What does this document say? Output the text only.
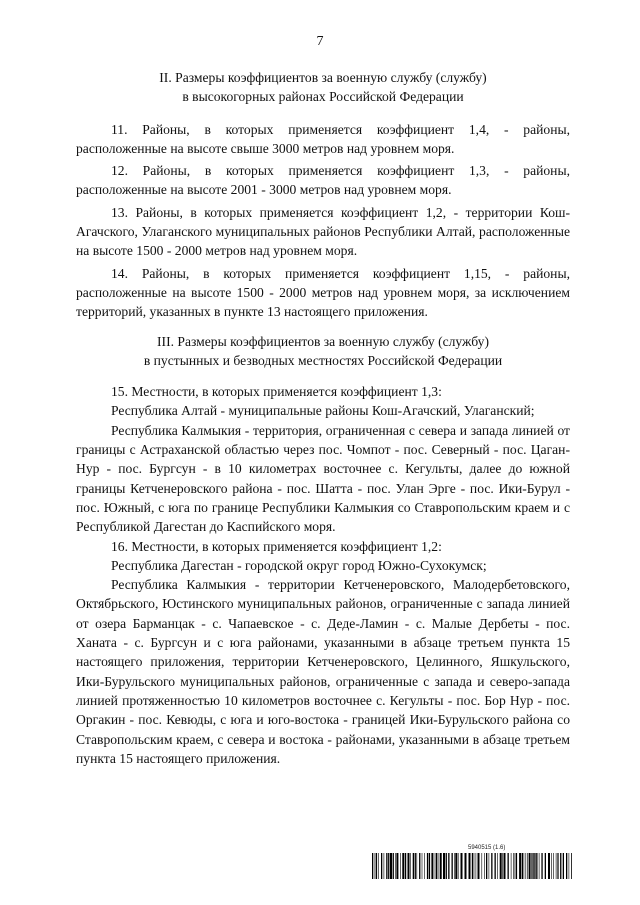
7

II. Размеры коэффициентов за военную службу (службу)

в высокогорных районах Российской Федерации

11. Районы, в которых применяется коэффициент 1,4, - районы, расположенные на высоте свыше 3000 метров над уровнем моря.

12. Районы, в которых применяется коэффициент 1,3, - районы, расположенные на высоте 2001 - 3000 метров над уровнем моря.

13. Районы, в которых применяется коэффициент 1,2, - территории Кош-Агачского, Улаганского муниципальных районов Республики Алтай, расположенные на высоте 1500 - 2000 метров над уровнем моря.

14. Районы, в которых применяется коэффициент 1,15, - районы, расположенные на высоте 1500 - 2000 метров над уровнем моря, за исключением территорий, указанных в пункте 13 настоящего приложения.

III. Размеры коэффициентов за военную службу (службу)

в пустынных и безводных местностях Российской Федерации

15. Местности, в которых применяется коэффициент 1,3:

Республика Алтай - муниципальные районы Кош-Агачский, Улаганский;

Республика Калмыкия - территория, ограниченная с севера и запада линией от границы с Астраханской областью через пос. Чомпот - пос. Северный - пос. Цаган-Нур - пос. Бургсун - в 10 километрах восточнее с. Кегульты, далее до южной границы Кетченеровского района - пос. Шатта - пос. Улан Эрге - пос. Ики-Бурул - пос. Южный, с юга по границе Республики Калмыкия со Ставропольским краем и с Республикой Дагестан до Каспийского моря.

16. Местности, в которых применяется коэффициент 1,2:

Республика Дагестан - городской округ город Южно-Сухокумск;

Республика Калмыкия - территории Кетченеровского, Малодербетовского, Октябрьского, Юстинского муниципальных районов, ограниченные с запада линией от озера Барманцак - с. Чапаевское - с. Деде-Ламин - с. Малые Дербеты - пос. Ханата - с. Бургсун и с юга районами, указанными в абзаце третьем пункта 15 настоящего приложения, территории Кетченеровского, Целинного, Яшкульского, Ики-Бурульского муниципальных районов, ограниченные с запада и северо-запада линией протяженностью 10 километров восточнее с. Кегульты - пос. Бор Нур - пос. Оргакин - пос. Кевюды, с юга и юго-востока - границей Ики-Бурульского района со Ставропольским краем, с севера и востока - районами, указанными в абзаце третьем пункта 15 настоящего приложения.

5940515 (1.6)
